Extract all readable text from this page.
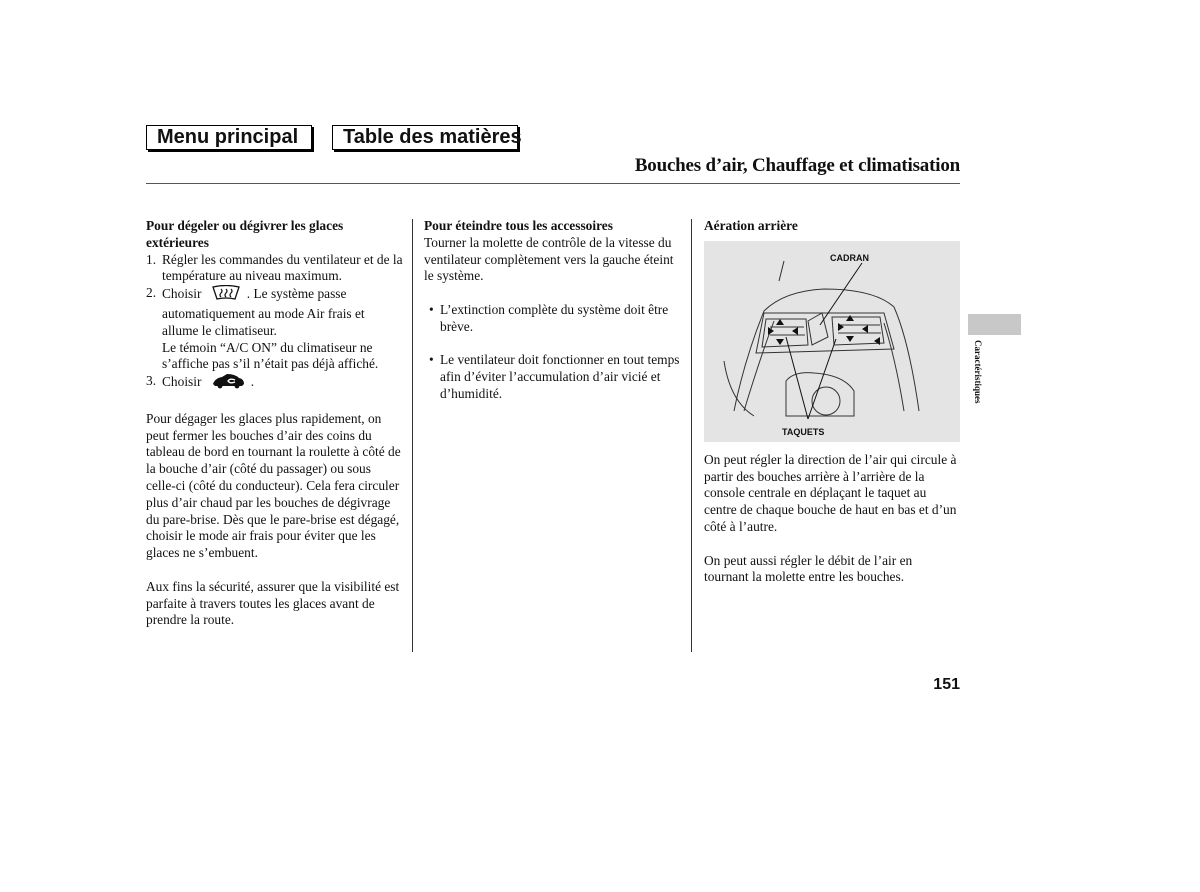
Menu principal	Table des matières
Bouches d’air, Chauffage et climatisation

Pour dégeler ou dégivrer les glaces extérieures

1. Régler les commandes du ventilateur et de la température au niveau maximum.
2. Choisir	. Le système passe automatiquement au mode Air frais et allume le climatiseur.

Le témoin “A/C ON” du climatiseur ne s’affiche pas s’il n’était pas déjà affiché.

3. Choisir	.

Pour dégager les glaces plus rapidement, on peut fermer les bouches d’air des coins du tableau de bord en tournant la roulette à côté de la bouche d’air (côté du passager) ou sous celle-ci (côté du conducteur). Cela fera circuler plus d’air chaud par les bouches de dégivrage du pare-brise. Dès que le pare-brise est dégagé, choisir le mode air frais pour éviter que les glaces ne s’embuent.

Aux fins la sécurité, assurer que la visibilité est parfaite à travers toutes les glaces avant de prendre la route.

Pour éteindre tous les accessoires

Tourner la molette de contrôle de la vitesse du ventilateur complètement vers la gauche éteint le système.

• L’extinction complète du système doit être brève.
• Le ventilateur doit fonctionner en tout temps afin d’éviter l’accumulation d’air vicié et d’humidité.

Aération arrière

CADRAN
TAQUETS

On peut régler la direction de l’air qui circule à partir des bouches arrière à l’arrière de la console centrale en déplaçant le taquet au centre de chaque bouche de haut en bas et d’un côté à l’autre.

On peut aussi régler le débit de l’air en tournant la molette entre les bouches.

Caractéristiques
151
